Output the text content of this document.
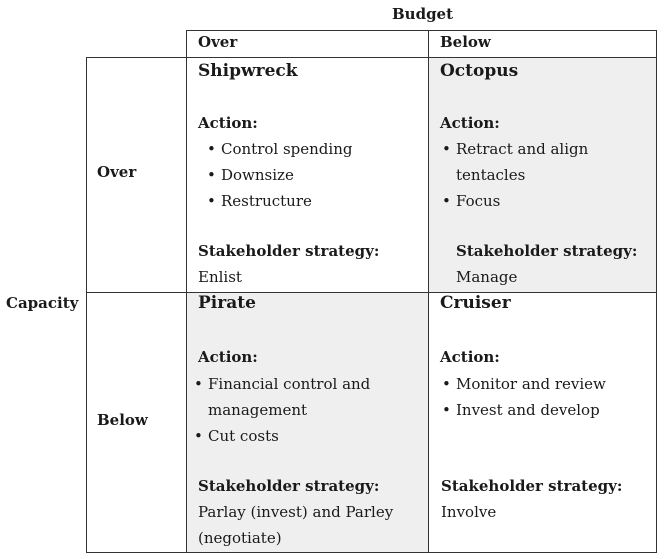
Budget
Capacity
Over	Below
Over
Below
Shipwreck
Action:
• Control spending
• Downsize
• Restructure
Stakeholder strategy:
Enlist
Octopus
Action:
• Retract and align tentacles
• Focus
Stakeholder strategy:
Manage
Pirate
Action:
• Financial control and management
• Cut costs
Stakeholder strategy:
Parlay (invest) and Parley (negotiate)
Cruiser
Action:
• Monitor and review
• Invest and develop
Stakeholder strategy:
Involve
